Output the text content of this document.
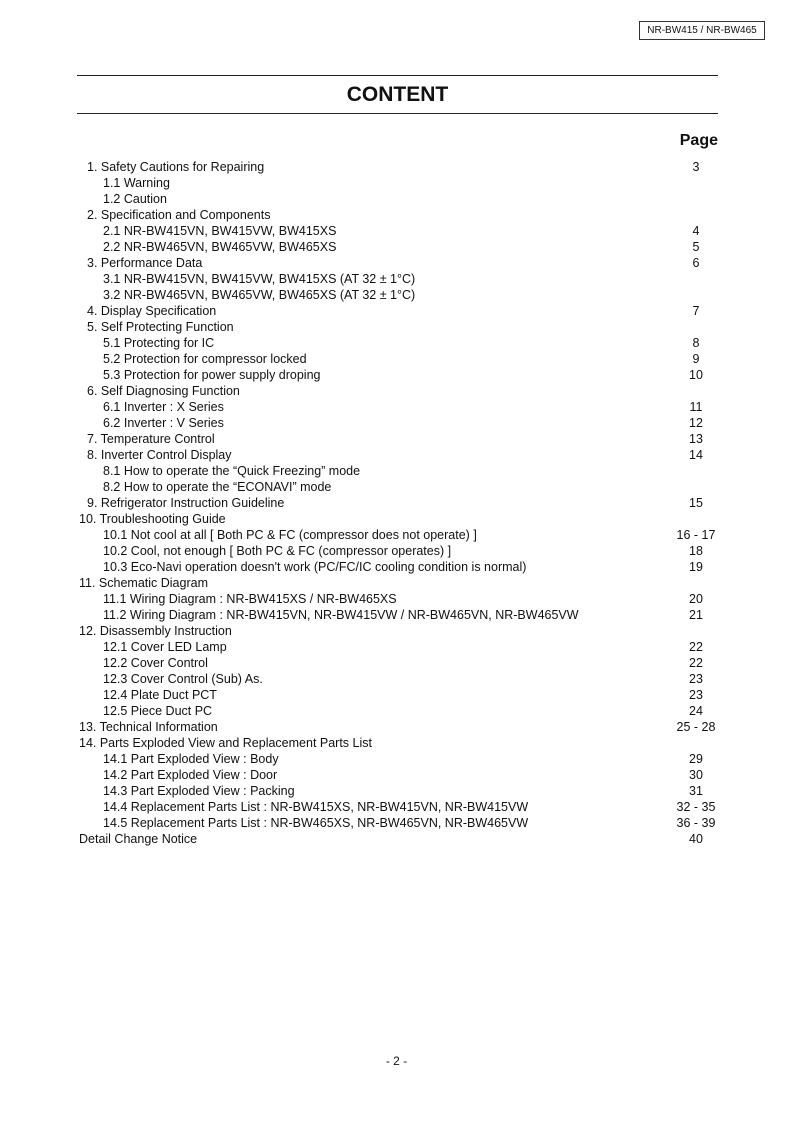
NR-BW415 / NR-BW465
CONTENT
Page
1. Safety Cautions for Repairing	3
1.1 Warning
1.2 Caution
2. Specification and Components
2.1 NR-BW415VN, BW415VW, BW415XS	4
2.2 NR-BW465VN, BW465VW, BW465XS	5
3. Performance Data	6
3.1 NR-BW415VN, BW415VW, BW415XS (AT 32 ± 1°C)
3.2 NR-BW465VN, BW465VW, BW465XS (AT 32 ± 1°C)
4. Display Specification	7
5. Self Protecting Function
5.1 Protecting for IC	8
5.2 Protection for compressor locked	9
5.3 Protection for power supply droping	10
6. Self Diagnosing Function
6.1 Inverter : X Series	11
6.2 Inverter : V Series	12
7. Temperature Control	13
8. Inverter Control Display	14
8.1 How to operate the “Quick Freezing” mode
8.2 How to operate the “ECONAVI” mode
9. Refrigerator Instruction Guideline	15
10. Troubleshooting Guide
10.1 Not cool at all [ Both PC & FC (compressor does not operate) ]	16 - 17
10.2 Cool, not enough [ Both PC & FC (compressor operates) ]	18
10.3 Eco-Navi operation doesn't work (PC/FC/IC cooling condition is normal)	19
11. Schematic Diagram
11.1 Wiring Diagram : NR-BW415XS / NR-BW465XS	20
11.2 Wiring Diagram : NR-BW415VN, NR-BW415VW / NR-BW465VN, NR-BW465VW	21
12. Disassembly Instruction
12.1 Cover LED Lamp	22
12.2 Cover Control	22
12.3 Cover Control (Sub) As.	23
12.4 Plate Duct PCT	23
12.5 Piece Duct PC	24
13. Technical Information	25 - 28
14. Parts Exploded View and Replacement Parts List
14.1 Part Exploded View : Body	29
14.2 Part Exploded View : Door	30
14.3 Part Exploded View : Packing	31
14.4 Replacement Parts List : NR-BW415XS, NR-BW415VN, NR-BW415VW	32 - 35
14.5 Replacement Parts List : NR-BW465XS, NR-BW465VN, NR-BW465VW	36 - 39
Detail Change Notice	40
- 2 -
